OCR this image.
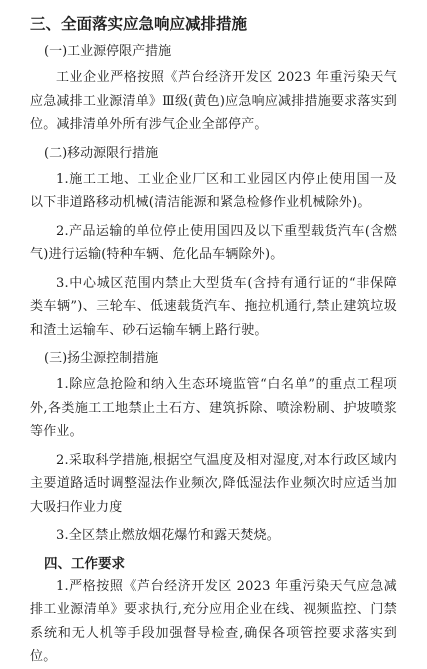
三、全面落实应急响应减排措施
(一)工业源停限产措施

工业企业严格按照《芦台经济开发区 2023 年重污染天气应急减排工业源清单》Ⅲ级(黄色)应急响应减排措施要求落实到位。减排清单外所有涉气企业全部停产。

(二)移动源限行措施

1.施工工地、工业企业厂区和工业园区内停止使用国一及以下非道路移动机械(清洁能源和紧急检修作业机械除外)。

2.产品运输的单位停止使用国四及以下重型载货汽车(含燃气)进行运输(特种车辆、危化品车辆除外)。

3.中心城区范围内禁止大型货车(含持有通行证的“非保障类车辆”)、三轮车、低速载货汽车、拖拉机通行,禁止建筑垃圾和渣土运输车、砂石运输车辆上路行驶。

(三)扬尘源控制措施

1.除应急抢险和纳入生态环境监管“白名单”的重点工程项外,各类施工工地禁止土石方、建筑拆除、喷涂粉刷、护坡喷浆等作业。

2.采取科学措施,根据空气温度及相对湿度,对本行政区域内主要道路适时调整湿法作业频次,降低湿法作业频次时应适当加大吸扫作业力度

3.全区禁止燃放烟花爆竹和露天焚烧。

四、工作要求

1.严格按照《芦台经济开发区 2023 年重污染天气应急减排工业源清单》要求执行,充分应用企业在线、视频监控、门禁系统和无人机等手段加强督导检查,确保各项管控要求落实到位。
